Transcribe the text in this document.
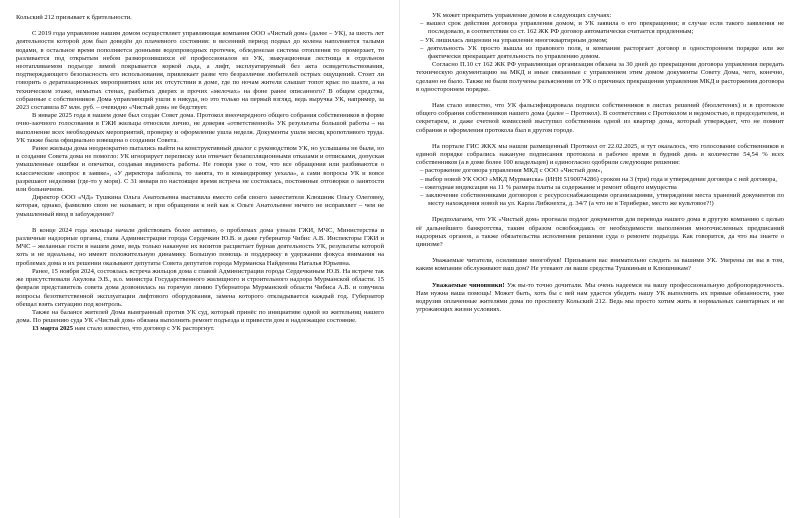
Кольский 212 призывает к бдительности.

С 2019 года управление нашим домом осуществляет управляющая компания ООО «Чистый дом» (далее – УК), за шесть лет деятельности которой дом был доведён до плачевного состояния: в весенний период подвал до колена наполняется талыми водами, в остальное время пополняется донными водопроводных протечек, обледенелая система отопления то промерзает, то разливается под открытым небом разморозившихся её профессионалов из УК, эвакуационная лестница в отдельном неотапливаемом подъезде зимой покрывается коркой льда, а лифт, эксплуатируемый без акта освидетельствования, подтверждающего безопасность его использования, привлекает разве что безразличие любителей острых ощущений. Стоит ли говорить о дератизационных мероприятиях или их отсутствии в доме, где по ночам жители слышат топот крыс по шахте, а на техническом этаже, немытых стенах, разбитых дверях и прочих «мелочах» на фоне ранее описанного? В общем средства, собранные с собственников Дома управляющий ушли в никуда, но это только на первый взгляд, ведь выручка УК, например, за 2023 составила 87 млн. руб. – очевидно «Чистый дом» не бедствует.

В январе 2025 года в нашем доме был создан Совет дома. Протокол внеочередного общего собрания собственников в форме очно-заочного голосования в ГЖИ жильцы относили лично, не доверяя «ответственной» УК результаты большой работы – на выполнение всех необходимых мероприятий, проверку и оформление ушла неделя. Документы ушли месяц кропотливого труда. УК также была официально извещена о создании Совета.

Ранее жильцы дома неоднократно пытались выйти на конструктивный диалог с руководством УК, но услышаны не были, но и создание Совета дома не помогло: УК игнорирует переписку или отвечает безапелляционными отказами и отписками, допуская умышленные ошибки и опечатки, создавая видимость работы. Не говоря уже о том, что все обращения или разбиваются о классические «вопрос в заявке», «У директора заболела, то занята, то в командировку уехала», а сами вопросы УК и вовсе разрешают неделями (где-то у моря). С 31 января по настоящее время встреча не состоялась, постоянные отговорки о занятости или больничном.

Директор ООО «ЧД» Тушкина Ольга Анатольевна выставила вместо себя своего заместителя Клюшник Ольгу Олеговну, которая, однако, фамилию свою не называет, и при обращении к ней как к Ольге Анатольевне ничего не исправляет – чем не умышленный ввод в заблуждение?

В конце 2024 года жильцы начали действовать более активно, о проблемах дома узнали ГЖИ, МЧС, Министерства и различные надзорные органы, глава Администрации города Сердечкин Ю.В. и даже губернатор Чибис А.В. Инспекторы ГЖИ и МЧС – желанные гости в нашем доме, ведь только накануне их визитов расцветает бурная деятельность УК, результаты которой хоть и не идеальны, но имеют положительную динамику. Большую помощь и поддержку в удержании фокуса внимания на проблемах дома и их решении оказывают депутаты Совета депутатов города Мурманска Найденова Наталья Юрьевна.

Ранее, 15 ноября 2024, состоялась встреча жильцов дома с главой Администрации города Сердечкиным Ю.В. На встрече так же присутствовали Акулова Э.В., и.о. министра Государственного жилищного и строительного надзора Мурманской области. 15 февраля представитель совета дома дозвонилась на горячую линию Губернатора Мурманской области Чибиса А.В. и озвучила вопросы безответственной эксплуатации лифтового оборудования, замена которого откладывается каждый год. Губернатор обещал взять ситуацию под контроль.

Также на балансе жителей Дома выигранный против УК суд, который принёс по инициативе одной из жительниц нашего дома. По решению суда УК «Чистый дом» обязана выполнить ремонт подъезда и привести дом в надлежащее состояние.

13 марта 2025 нам стало известно, что договор с УК расторгнут.

УК может прекратить управление домом в следующих случаях:

– вышел срок действия договора управления домом, и УК заявила о его прекращении; в случае если такого заявления не последовало, в соответствии со ст. 162 ЖК РФ договор автоматически считается продленным;

– УК лишилась лицензии на управление многоквартирным домом;

– деятельность УК просто вышла из правового поля, и компания расторгает договор в одностороннем порядке или же фактически прекращает деятельность по управлению домом.

Согласно П.10 ст 162 ЖК РФ управляющая организация обязана за 30 дней до прекращения договора управления передать техническую документацию на МКД и иные связанные с управлением этим домом документы Совету Дома, чего, конечно, сделано не было. Также не были получены разъяснения от УК о причинах прекращения управления МКД и расторжения договора в одностороннем порядке.

Нам стало известно, что УК фальсифицировала подписи собственников в листах решений (бюллетенях) и в протоколе общего собрания собственников нашего дома (далее – Протокол). В соответствии с Протоколом и ведомостью, в председателем, и секретарем, и даже счетной комиссией выступил собственник одной из квартир дома, который утверждает, что не помнит собрания и оформления протокола был в другом городе.

На портале ГИС ЖКХ мы нашли размещенный Протокол от 22.02.2025, и тут оказалось, что голосование собственников в единой порядке собрались накануне подписания протокола в рабочее время в будний день в количестве 54,54 % всех собственников (а в доме более 100 владельцев) и единогласно одобрили следующие решения:

– расторжение договора управления МКД с ООО «Чистый дом»,

– выбор новой УК ООО «МКД Мурманска» (ИНН 5190074286) сроком на 3 (три) года и утверждение договора с ней договора,

– ежегодная индексация на 11 % размера платы за содержание и ремонт общего имущества

– заключение собственниками договоров с ресурсоснабжающими организациями, утверждения места хранений документов по месту нахождения новой на ул. Карла Либкнехта, д. 34/7 (а что не в Териберке, место же культовое?!)

Предполагаем, что УК «Чистый дом» прогнала подлог документов для перевода нашего дома в другую компанию с целью её дальнейшего банкротства, таким образом освобождаясь от необходимости выполнения многочисленных предписаний надзорных органов, а также обязательства исполнения решения суда о ремонте подъезда. Как говорится, да что вы знаете о цинизме?

Уважаемые читатели, осилившие многобукв! Призываем вас внимательно следить за вашими УК. Уверены ли вы в том, каким компании обслуживают ваш дом? Не утекают ли ваши средства Тушкиным и Клюшникам?

Уважаемые чиновники! Уж вы-то точно дочитали. Мы очень надеемся на вашу профессиональную добропорядочность. Нам нужна ваша помощь! Может быть, хоть бы с вей нам удастся убедить нашу УК выполнить их прямые обязанности, уже водрузив оплаченные жителями дома по проспекту Кольский 212. Ведь мы просто хотим жить в нормальных санитарных и не угрожающих жизни условиях.
